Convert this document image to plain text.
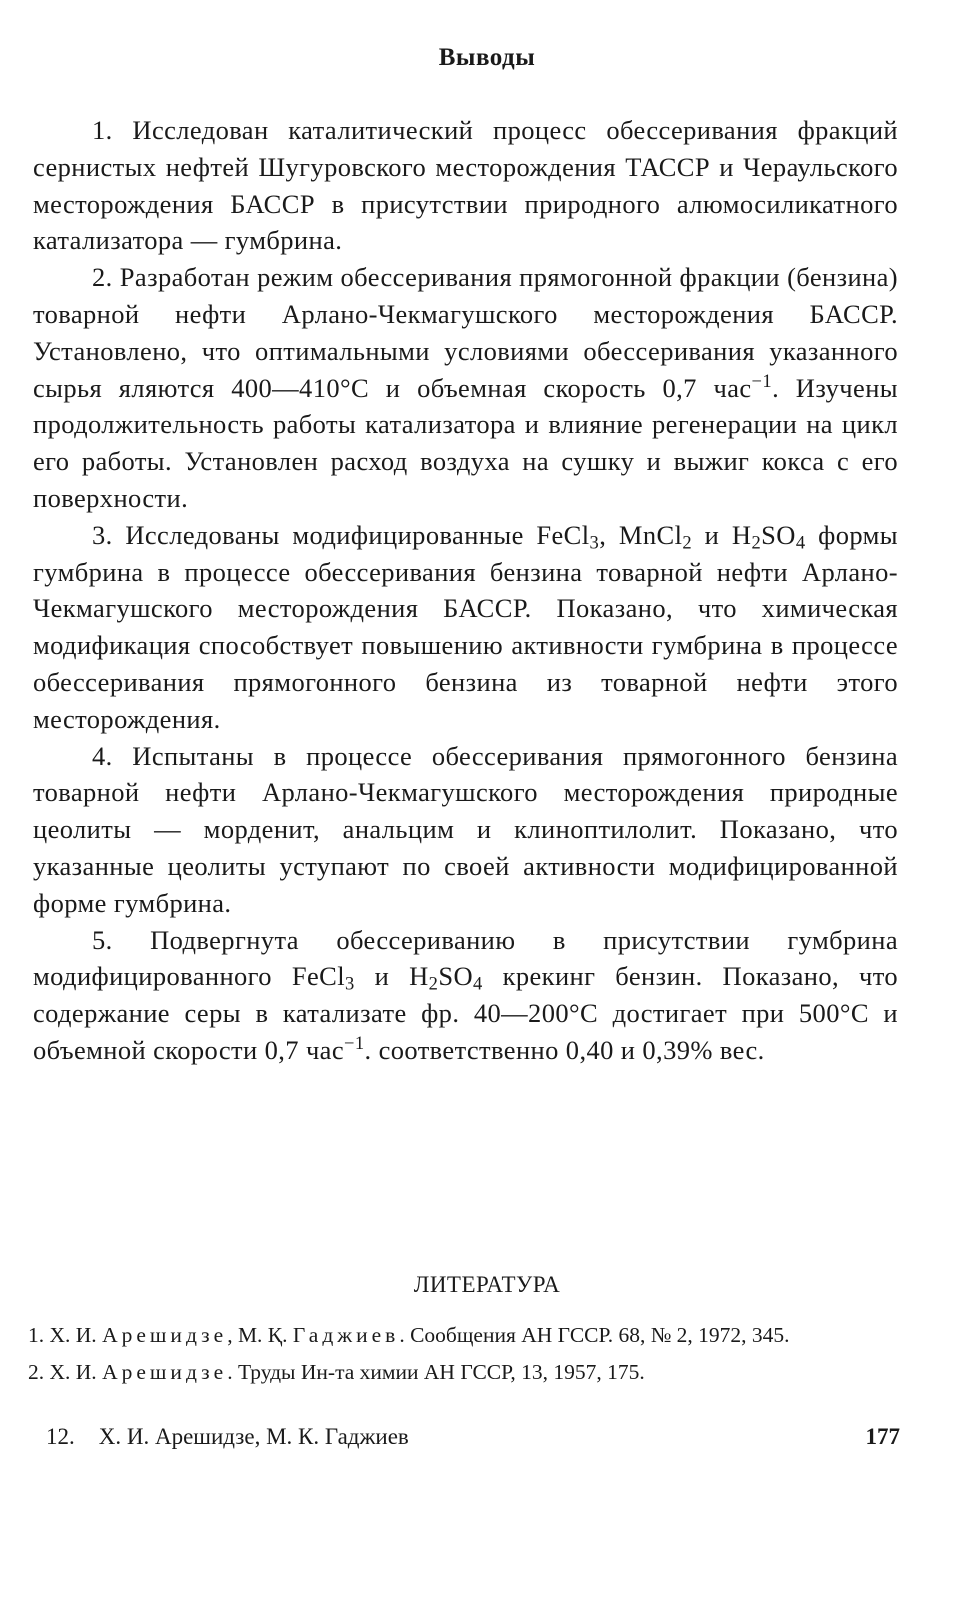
Выводы

1. Исследован каталитический процесс обессеривания фракций сернистых нефтей Шугуровского месторождения ТАССР и Чераульского месторождения БАССР в присутствии природного алюмосиликатного катализатора — гумбрина.

2. Разработан режим обессеривания прямогонной фракции (бензина) товарной нефти Арлано-Чекмагушского месторождения БАССР. Установлено, что оптимальными условиями обессеривания указанного сырья яляются 400—410°С и объемная скорость 0,7 час$^{-1}$. Изучены продолжительность работы катализатора и влияние регенерации на цикл его работы. Установлен расход воздуха на сушку и выжиг кокса с его поверхности.

3. Исследованы модифицированные FeCl$_3$, MnCl$_2$ и $H_2SO_4$ формы гумбрина в процессе обессеривания бензина товарной нефти Арлано-Чекмагушского месторождения БАССР. Показано, что химическая модификация способствует повышению активности гумбрина в процессе обессеривания прямогонного бензина из товарной нефти этого месторождения.

4. Испытаны в процессе обессеривания прямогонного бензина товарной нефти Арлано-Чекмагушского месторождения природные цеолиты — морденит, анальцим и клиноптилолит. Показано, что указанные цеолиты уступают по своей активности модифицированной форме гумбрина.

5. Подвергнута обессериванию в присутствии гумбрина модифицированного FeCl$_3$ и $H_2SO_4$ крекинг бензин. Показано, что содержание серы в катализате фр. 40—200°С достигает при 500°С и объемной скорости 0,7 час$^{-1}$. соответственно 0,40 и 0,39% вес.

ЛИТЕРАТУРА
1. Х. И. Арешидзе, М. Қ. Гаджиев. Сообщения АН ГССР. 68, № 2, 1972, 345.
2. Х. И. Арешидзе. Труды Ин-та химии АН ГССР, 13, 1957, 175.
12. Х. И. Арешидзе, М. К. Гаджиев	177
